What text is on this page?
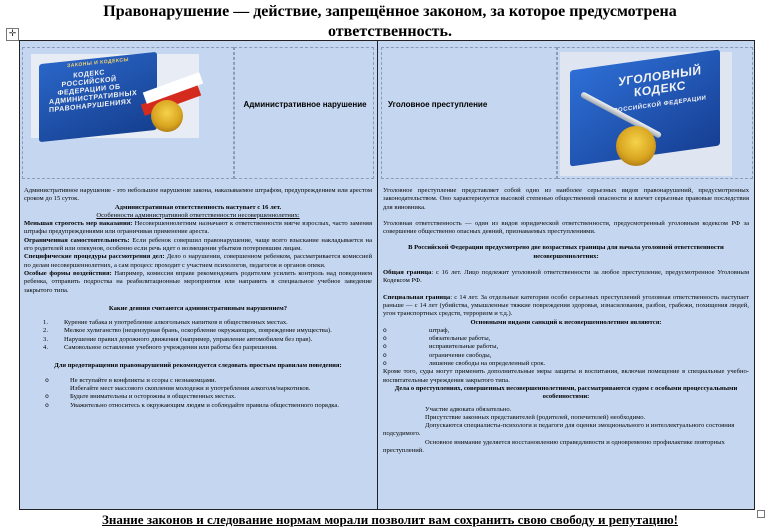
Правонарушение — действие, запрещённое законом, за которое предусмотрена ответственность.
✛
ЗАКОНЫ И КОДЕКСЫ
КОДЕКС РОССИЙСКОЙ ФЕДЕРАЦИИ ОБ АДМИНИСТРАТИВНЫХ ПРАВОНАРУШЕНИЯХ	Административное нарушение

Административное нарушение - это небольшое нарушение закона, наказываемое штрафом, предупреждением или арестом сроком до 15 суток.

Административная ответственность наступает с 16 лет.

Особенности административной ответственности несовершеннолетних:

Меньшая строгость мер наказания: Несовершеннолетним назначают к ответственности мягче взрослых, часто заменяя штрафы предупреждениями или ограничивая применение ареста.

Ограниченная самостоятельность: Если ребенок совершил правонарушение, чаще всего взыскание накладывается на его родителей или опекунов, особенно если речь идет о возмещении убытков потерпевшим лицам.

Специфические процедуры рассмотрения дел: Дело о нарушении, совершенном ребенком, рассматривается комиссией по делам несовершеннолетних, а сам процесс проходит с участием психологов, педагогов и органов опеки.

Особые формы воздействия: Например, комиссия вправе рекомендовать родителям усилить контроль над поведением ребенка, отправить подростка на реабилитационные мероприятия или направить в специальное учебное заведение закрытого типа.

Какие деяния считаются административным нарушением?

1.	Курение табака и употребление алкогольных напитков в общественных местах.
2.	Мелкое хулиганство (нецензурная брань, оскорбление окружающих, повреждение имущества).
3.	Нарушение правил дорожного движения (например, управление автомобилем без прав).
4.	Самовольное оставление учебного учреждения или работы без разрешения.

Для предотвращения правонарушений рекомендуется следовать простым правилам поведения:

o	Не вступайте в конфликты и ссоры с незнакомцами.
Избегайте мест массового скопления молодежи и употребления алкоголя/наркотиков.
o	Будьте внимательны и осторожны в общественных местах.
o	Уважительно относитесь к окружающим людям и соблюдайте правила общественного порядка.
Уголовное преступление
УГОЛОВНЫЙ КОДЕКС
РОССИЙСКОЙ ФЕДЕРАЦИИ

Уголовное преступление представляет собой одно из наиболее серьезных видов правонарушений, предусмотренных законодательством. Оно характеризуется высокой степенью общественной опасности и влечет серьезные правовые последствия для виновника.

Уголовная ответственность — один из видов юридической ответственности, предусмотренный уголовным кодексом РФ за совершение общественно опасных деяний, признаваемых преступлениями.

В Российской Федерации предусмотрено две возрастных границы для начала уголовной ответственности несовершеннолетних:

Общая граница: с 16 лет. Лицо подлежит уголовной ответственности за любое преступление, предусмотренное Уголовным Кодексом РФ.

Специальная граница: с 14 лет. За отдельные категории особо серьезных преступлений уголовная ответственность наступает раньше — с 14 лет (убийства, умышленные тяжкие повреждения здоровья, изнасилования, разбои, грабежи, похищения людей, угон транспортных средств, терроризм и т.д.).

Основными видами санкций к несовершеннолетним являются:

o	штраф,
o	обязательные работы,
o	исправительные работы,
o	ограничение свободы,
o	лишение свободы на определенный срок.

Кроме того, суды могут применять дополнительные меры защиты и воспитания, включая помещение в специальные учебно-воспитательные учреждения закрытого типа.

Дела о преступлениях, совершенных несовершеннолетними, рассматриваются судом с особыми процессуальными особенностями:

Участие адвоката обязательно.

Присутствие законных представителей (родителей, попечителей) необходимо.

Допускаются специалисты-психологи и педагоги для оценки эмоционального и интеллектуального состояния подсудимого.

Основное внимание уделяется восстановлению справедливости и одновременно профилактике повторных преступлений.

Знание законов и следование нормам морали позволит вам сохранить свою свободу и репутацию!
